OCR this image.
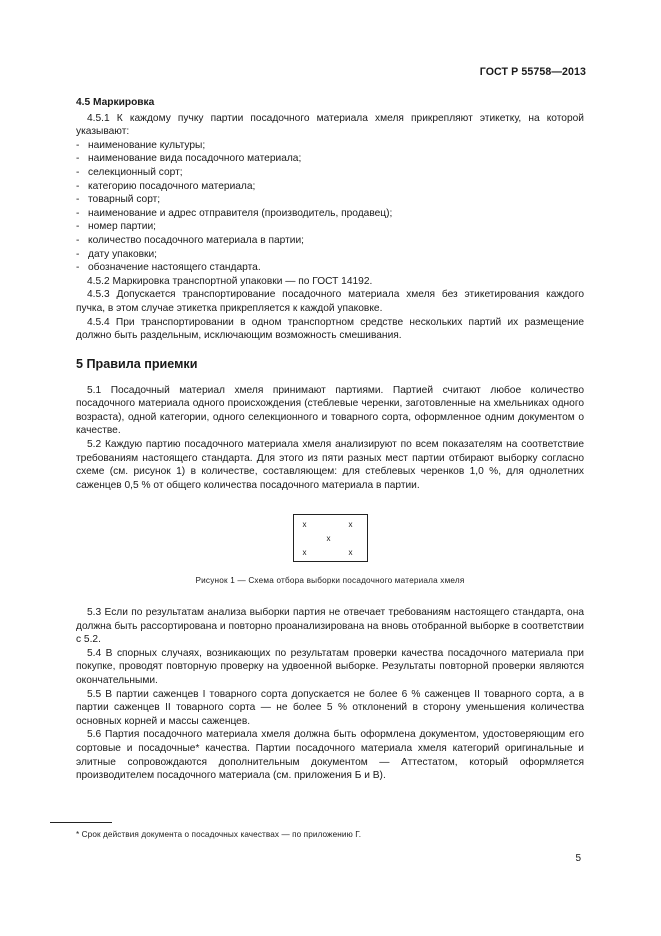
ГОСТ Р 55758—2013
4.5 Маркировка

4.5.1 К каждому пучку партии посадочного материала хмеля прикрепляют этикетку, на которой указывают:

- наименование культуры;
- наименование вида посадочного материала;
- селекционный сорт;
- категорию посадочного материала;
- товарный сорт;
- наименование и адрес отправителя (производитель, продавец);
- номер партии;
- количество посадочного материала в партии;
- дату упаковки;
- обозначение настоящего стандарта.

4.5.2 Маркировка транспортной упаковки — по ГОСТ 14192.

4.5.3 Допускается транспортирование посадочного материала хмеля без этикетирования каждого пучка, в этом случае этикетка прикрепляется к каждой упаковке.

4.5.4 При транспортировании в одном транспортном средстве нескольких партий их размещение должно быть раздельным, исключающим возможность смешивания.

5 Правила приемки

5.1 Посадочный материал хмеля принимают партиями. Партией считают любое количество посадочного материала одного происхождения (стеблевые черенки, заготовленные на хмельниках одного возраста), одной категории, одного селекционного и товарного сорта, оформленное одним документом о качестве.

5.2 Каждую партию посадочного материала хмеля анализируют по всем показателям на соответствие требованиям настоящего стандарта. Для этого из пяти разных мест партии отбирают выборку согласно схеме (см. рисунок 1) в количестве, составляющем: для стеблевых черенков 1,0 %, для однолетних саженцев 0,5 % от общего количества посадочного материала в партии.

x	x
x
x	x
Рисунок 1 — Схема отбора выборки посадочного материала хмеля

5.3 Если по результатам анализа выборки партия не отвечает требованиям настоящего стандарта, она должна быть рассортирована и повторно проанализирована на вновь отобранной выборке в соответствии с 5.2.

5.4 В спорных случаях, возникающих по результатам проверки качества посадочного материала при покупке, проводят повторную проверку на удвоенной выборке. Результаты повторной проверки являются окончательными.

5.5 В партии саженцев I товарного сорта допускается не более 6 % саженцев II товарного сорта, а в партии саженцев II товарного сорта — не более 5 % отклонений в сторону уменьшения количества основных корней и массы саженцев.

5.6 Партия посадочного материала хмеля должна быть оформлена документом, удостоверяющим его сортовые и посадочные* качества. Партии посадочного материала хмеля категорий оригинальные и элитные сопровождаются дополнительным документом — Аттестатом, который оформляется производителем посадочного материала (см. приложения Б и В).

* Срок действия документа о посадочных качествах — по приложению Г.
5
